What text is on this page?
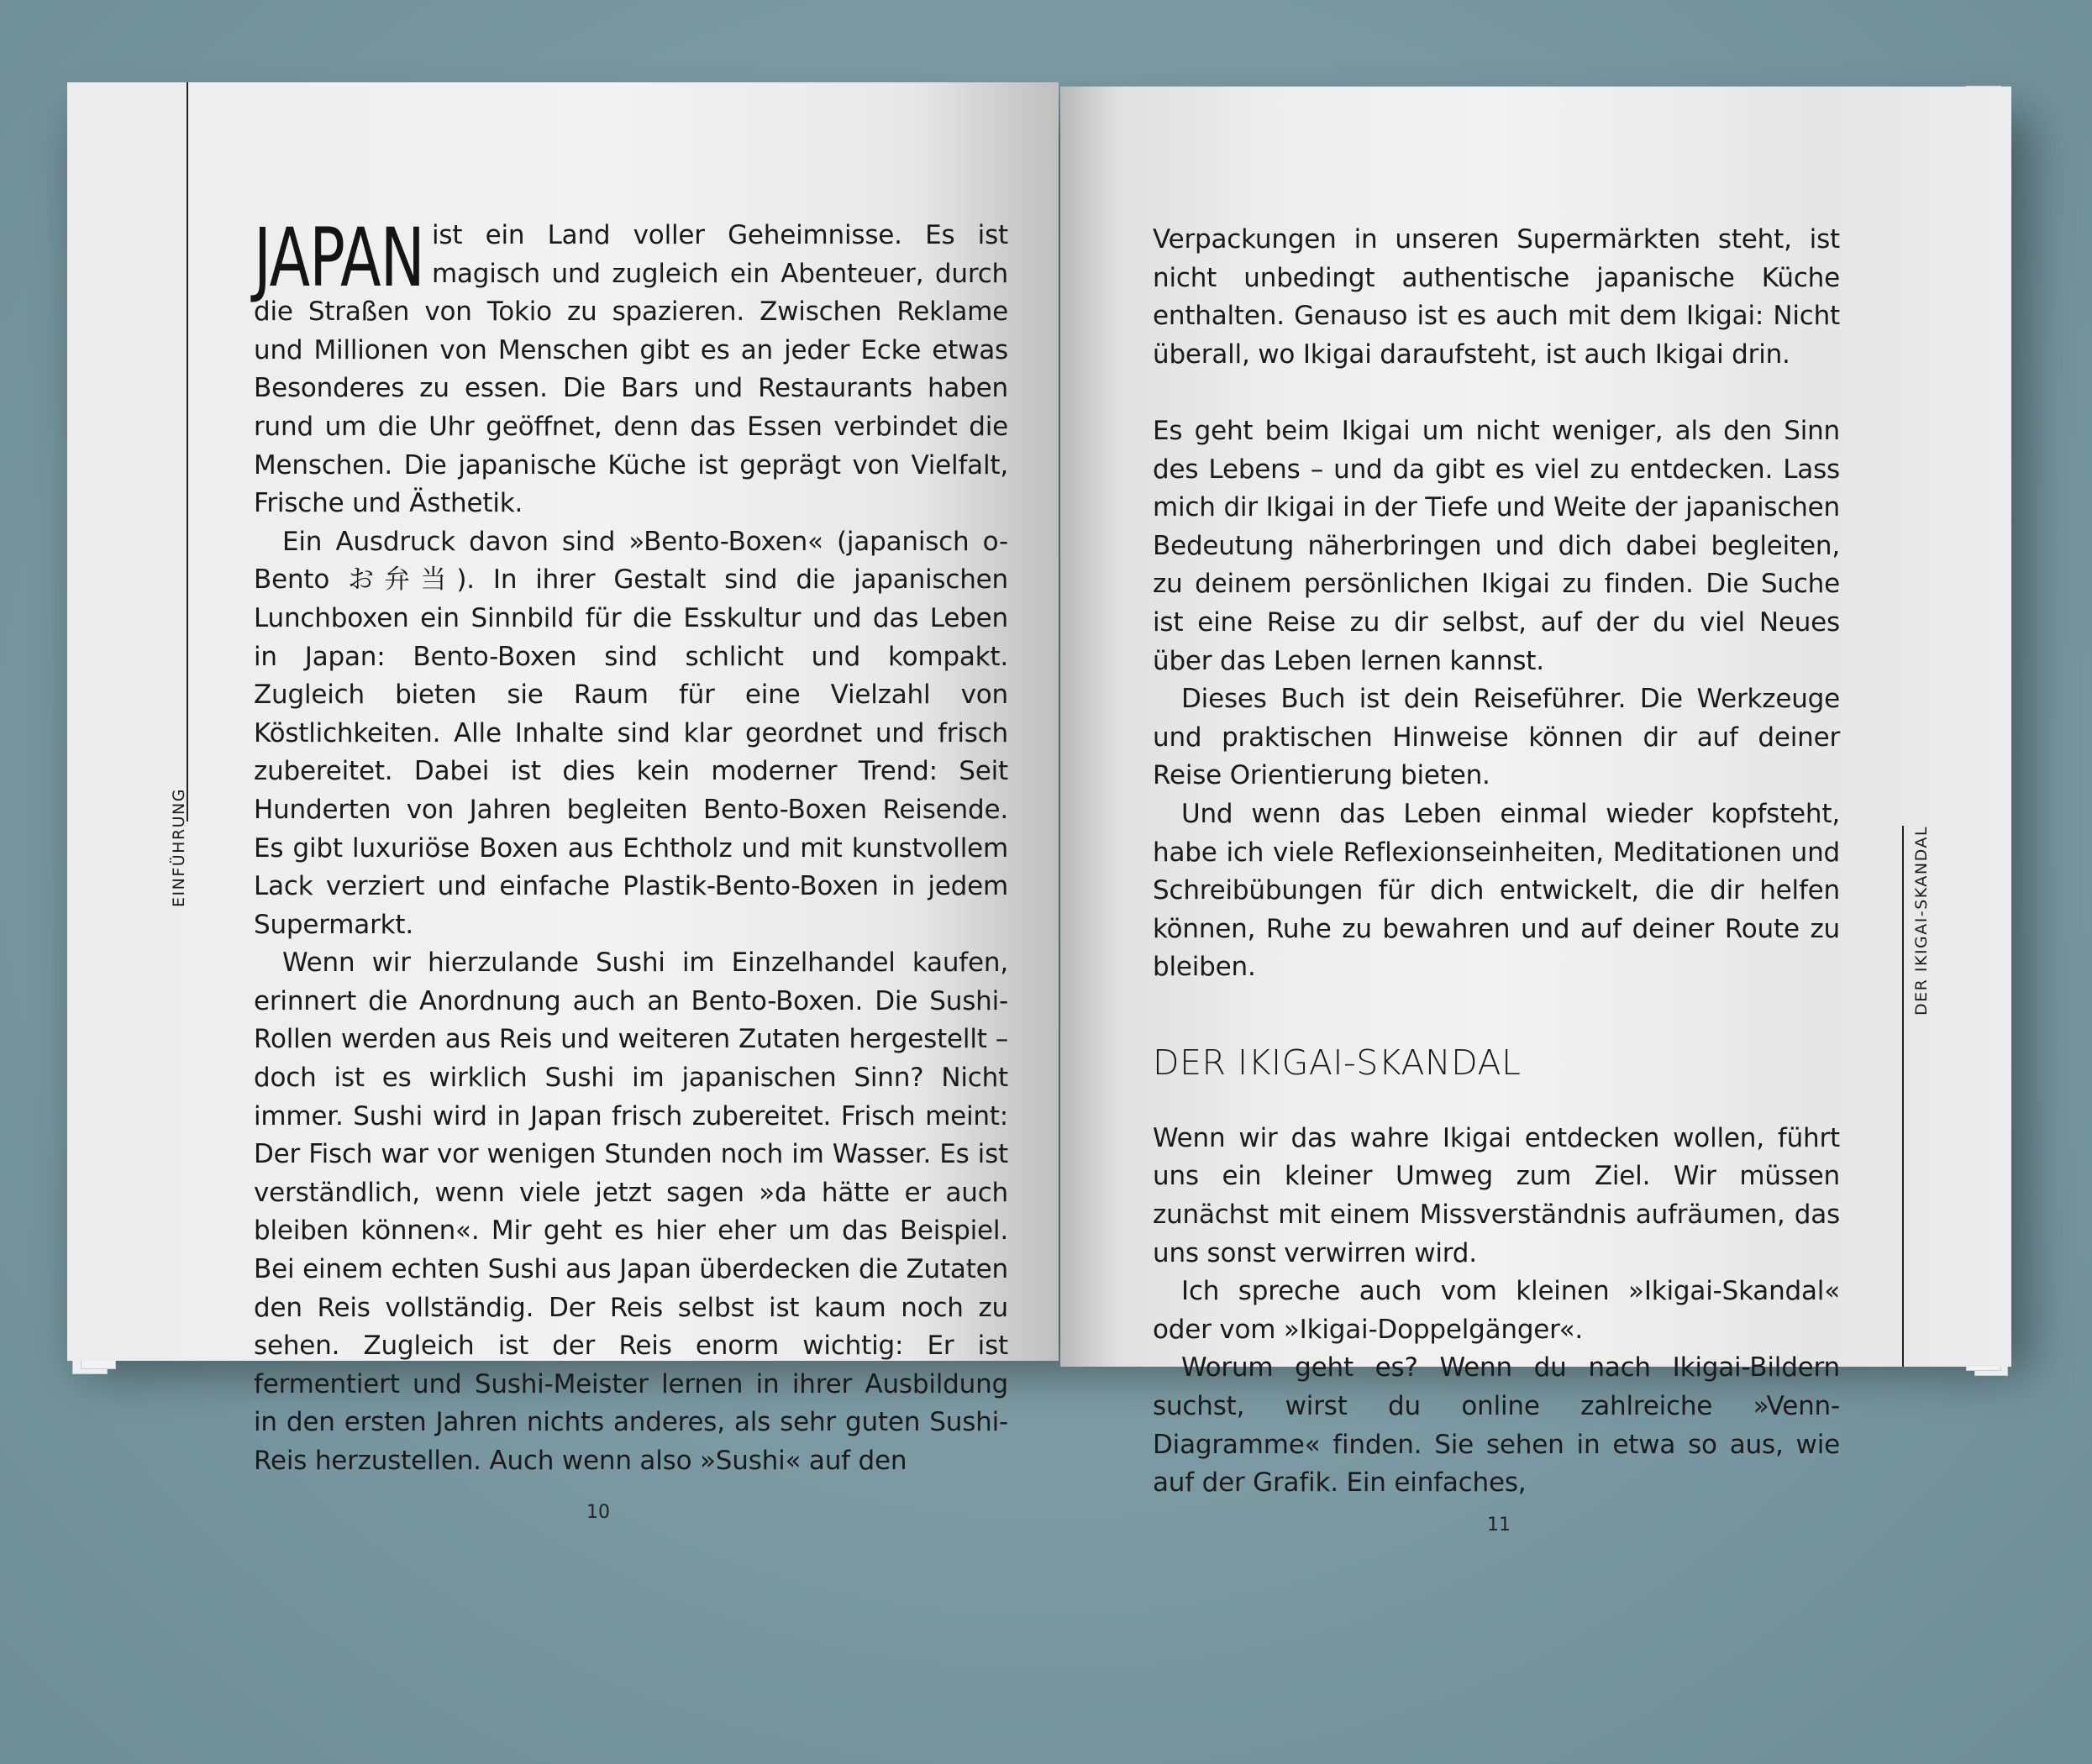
EINFÜHRUNG

JAPAN ist ein Land voller Geheimnisse. Es ist magisch und zugleich ein Abenteuer, durch die Straßen von Tokio zu spazieren. Zwischen Reklame und Millionen von Menschen gibt es an jeder Ecke etwas Besonderes zu essen. Die Bars und Restaurants haben rund um die Uhr geöffnet, denn das Essen verbindet die Menschen. Die japanische Küche ist geprägt von Vielfalt, Frische und Ästhetik.

Ein Ausdruck davon sind »Bento-Boxen« (japanisch o-Bento お弁当). In ihrer Gestalt sind die japanischen Lunchboxen ein Sinnbild für die Esskultur und das Leben in Japan: Bento-Boxen sind schlicht und kompakt. Zugleich bieten sie Raum für eine Vielzahl von Köstlichkeiten. Alle Inhalte sind klar geordnet und frisch zubereitet. Dabei ist dies kein moderner Trend: Seit Hunderten von Jahren begleiten Bento-Boxen Reisende. Es gibt luxuriöse Boxen aus Echtholz und mit kunstvollem Lack verziert und einfache Plastik-Bento-Boxen in jedem Supermarkt.

Wenn wir hierzulande Sushi im Einzelhandel kaufen, erinnert die Anordnung auch an Bento-Boxen. Die Sushi-Rollen werden aus Reis und weiteren Zutaten hergestellt – doch ist es wirklich Sushi im japanischen Sinn? Nicht immer. Sushi wird in Japan frisch zubereitet. Frisch meint: Der Fisch war vor wenigen Stunden noch im Wasser. Es ist verständlich, wenn viele jetzt sagen »da hätte er auch bleiben können«. Mir geht es hier eher um das Beispiel. Bei einem echten Sushi aus Japan überdecken die Zutaten den Reis vollständig. Der Reis selbst ist kaum noch zu sehen. Zugleich ist der Reis enorm wichtig: Er ist fermentiert und Sushi-Meister lernen in ihrer Ausbildung in den ersten Jahren nichts anderes, als sehr guten Sushi-Reis herzustellen. Auch wenn also »Sushi« auf den

10

Verpackungen in unseren Supermärkten steht, ist nicht unbedingt authentische japanische Küche enthalten. Genauso ist es auch mit dem Ikigai: Nicht überall, wo Ikigai daraufsteht, ist auch Ikigai drin.

Es geht beim Ikigai um nicht weniger, als den Sinn des Lebens – und da gibt es viel zu entdecken. Lass mich dir Ikigai in der Tiefe und Weite der japanischen Bedeutung näherbringen und dich dabei begleiten, zu deinem persönlichen Ikigai zu finden. Die Suche ist eine Reise zu dir selbst, auf der du viel Neues über das Leben lernen kannst.

Dieses Buch ist dein Reiseführer. Die Werkzeuge und praktischen Hinweise können dir auf deiner Reise Orientierung bieten.

Und wenn das Leben einmal wieder kopfsteht, habe ich viele Reflexionseinheiten, Meditationen und Schreibübungen für dich entwickelt, die dir helfen können, Ruhe zu bewahren und auf deiner Route zu bleiben.

DER IKIGAI-SKANDAL

Wenn wir das wahre Ikigai entdecken wollen, führt uns ein kleiner Umweg zum Ziel. Wir müssen zunächst mit einem Missverständnis aufräumen, das uns sonst verwirren wird.

Ich spreche auch vom kleinen »Ikigai-Skandal« oder vom »Ikigai-Doppelgänger«.

Worum geht es? Wenn du nach Ikigai-Bildern suchst, wirst du online zahlreiche »Venn-Diagramme« finden. Sie sehen in etwa so aus, wie auf der Grafik. Ein einfaches,

DER IKIGAI-SKANDAL
11
